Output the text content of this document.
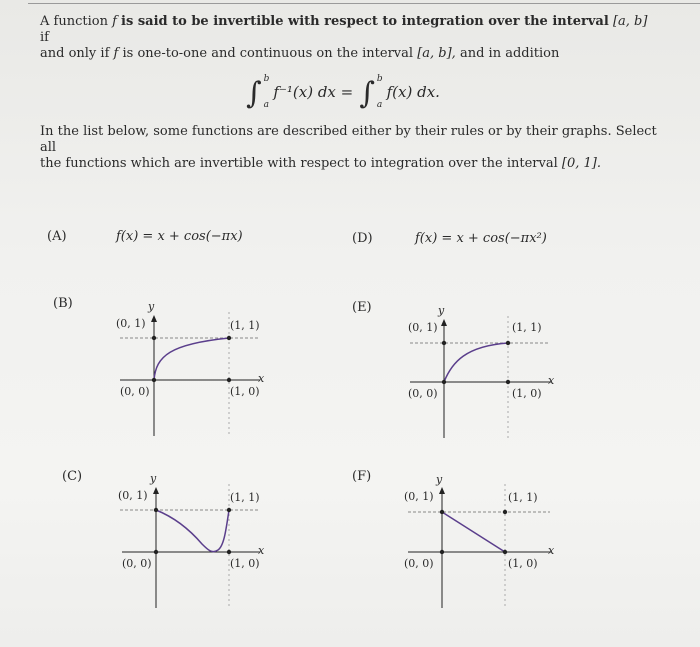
A function f is said to be invertible with respect to integration over the interval [a, b] if
and only if f is one-to-one and continuous on the interval [a, b], and in addition

∫ b
a
f⁻¹(x) dx = ∫ b
a
f(x) dx.

In the list below, some functions are described either by their rules or by their graphs. Select all
the functions which are invertible with respect to integration over the interval [0, 1].

(A)	f(x) = x + cos(−πx)	(D)	f(x) = x + cos(−πx²)
(B)	(E)
(C)	(F)
y
(0, 1)	(1, 1)
x
(0, 0)	(1, 0)
y
(0, 1)	(1, 1)
x
(0, 0)	(1, 0)
y
(0, 1)	(1, 1)
x
(0, 0)	(1, 0)
y
(0, 1)	(1, 1)
x
(0, 0)	(1, 0)
